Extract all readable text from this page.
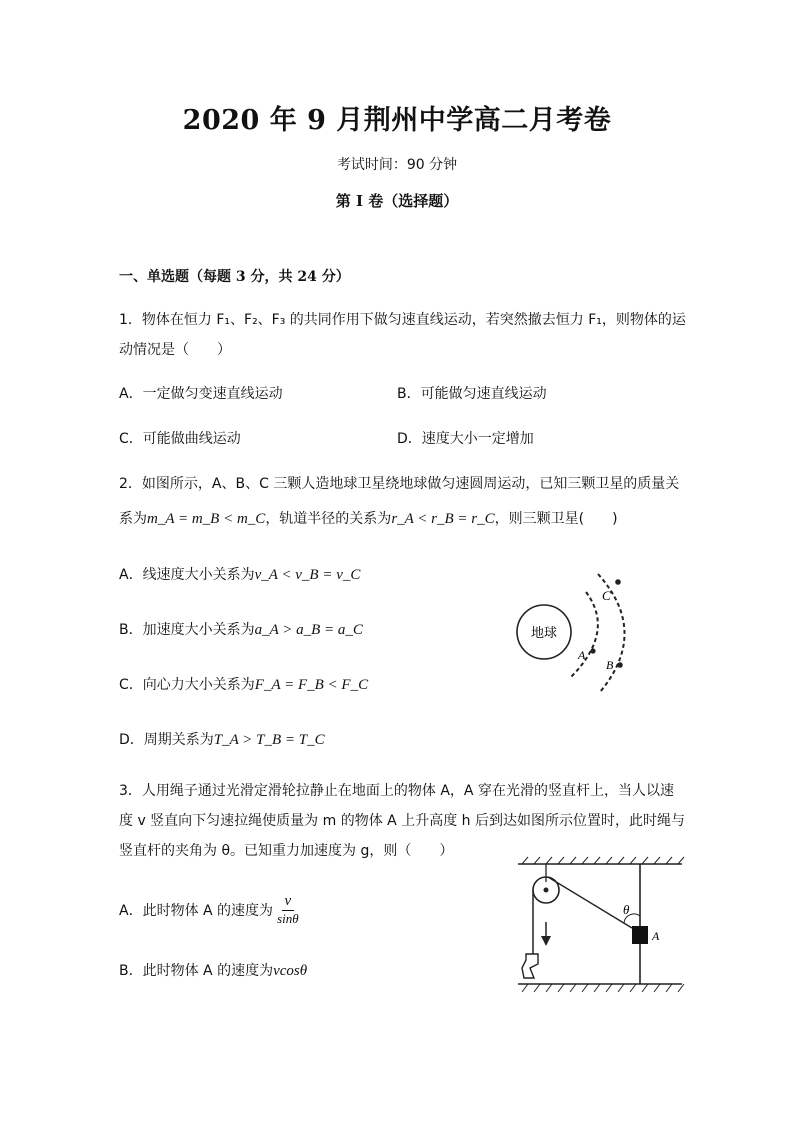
2020 年 9 月荆州中学高二月考卷
考试时间：90 分钟
第 I 卷（选择题）
一、单选题（每题 3 分，共 24 分）
1．物体在恒力 F₁、F₂、F₃ 的共同作用下做匀速直线运动，若突然撤去恒力 F₁，则物体的运
动情况是（　　）
A．一定做匀变速直线运动	B．可能做匀速直线运动
C．可能做曲线运动	D．速度大小一定增加
2．如图所示，A、B、C 三颗人造地球卫星绕地球做匀速圆周运动，已知三颗卫星的质量关
系为m_A = m_B < m_C，轨道半径的关系为r_A < r_B = r_C，则三颗卫星(　　)
A．线速度大小关系为v_A < v_B = v_C
B．加速度大小关系为a_A > a_B = a_C
C．向心力大小关系为F_A = F_B < F_C
D．周期关系为T_A > T_B = T_C
地球
A
B
C
3．人用绳子通过光滑定滑轮拉静止在地面上的物体 A，A 穿在光滑的竖直杆上，当人以速
度 v 竖直向下匀速拉绳使质量为 m 的物体 A 上升高度 h 后到达如图所示位置时，此时绳与
竖直杆的夹角为 θ。已知重力加速度为 g，则（　　）
A．此时物体 A 的速度为 $\frac{v}{\sin\theta}$
B．此时物体 A 的速度为vcosθ
A
θ
